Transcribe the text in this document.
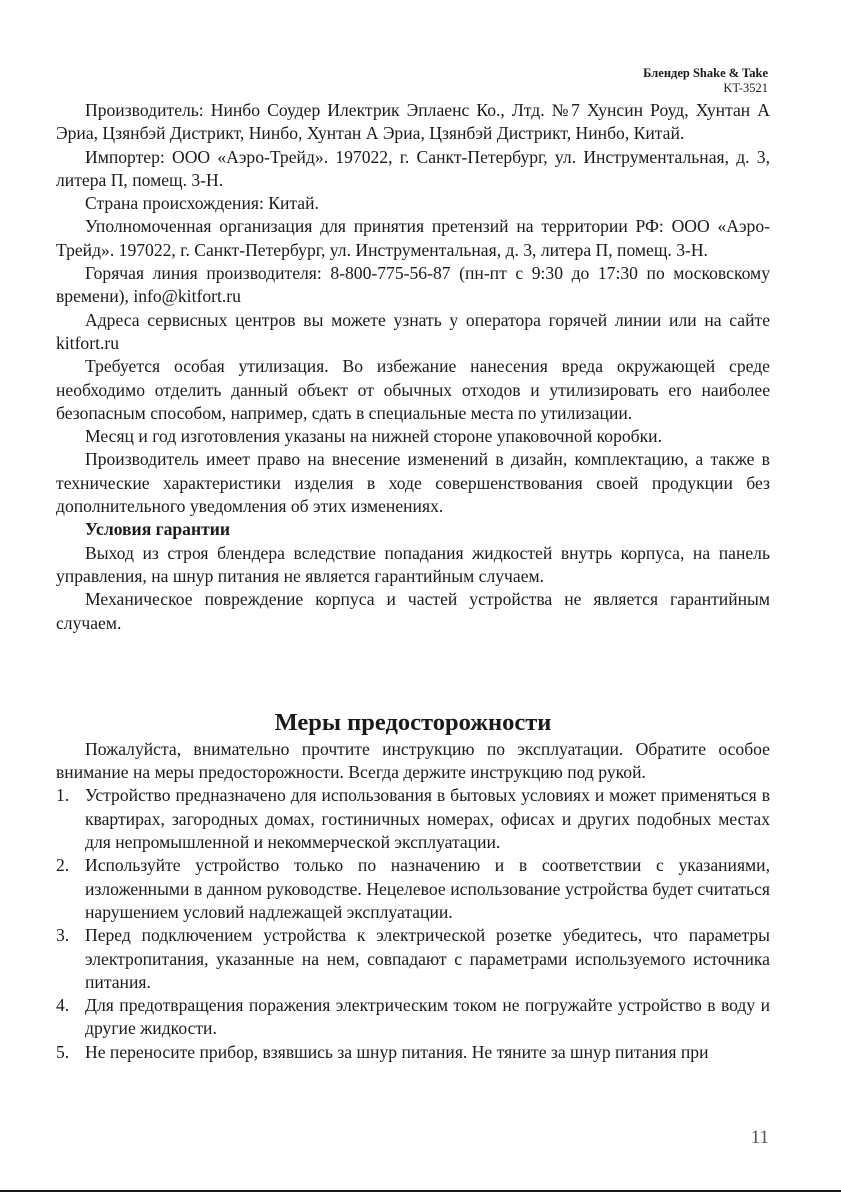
Блендер Shake & Take
KT-3521

Производитель: Нинбо Соудер Илектрик Эплаенс Ко., Лтд. №7 Хунсин Роуд, Хунтан А Эриа, Цзянбэй Дистрикт, Нинбо, Хунтан А Эриа, Цзянбэй Дистрикт, Нинбо, Китай.

Импортер: ООО «Аэро-Трейд». 197022, г. Санкт-Петербург, ул. Инструментальная, д. 3, литера П, помещ. 3-Н.

Страна происхождения: Китай.

Уполномоченная организация для принятия претензий на территории РФ: ООО «Аэро-Трейд». 197022, г. Санкт-Петербург, ул. Инструментальная, д. 3, литера П, помещ. 3-Н.

Горячая линия производителя: 8-800-775-56-87 (пн-пт с 9:30 до 17:30 по московскому времени), info@kitfort.ru

Адреса сервисных центров вы можете узнать у оператора горячей линии или на сайте kitfort.ru

Требуется особая утилизация. Во избежание нанесения вреда окружающей среде необходимо отделить данный объект от обычных отходов и утилизировать его наиболее безопасным способом, например, сдать в специальные места по утилизации.

Месяц и год изготовления указаны на нижней стороне упаковочной коробки.

Производитель имеет право на внесение изменений в дизайн, комплектацию, а также в технические характеристики изделия в ходе совершенствования своей продукции без дополнительного уведомления об этих изменениях.

Условия гарантии

Выход из строя блендера вследствие попадания жидкостей внутрь корпуса, на панель управления, на шнур питания не является гарантийным случаем.

Механическое повреждение корпуса и частей устройства не является гарантийным случаем.

Меры предосторожности

Пожалуйста, внимательно прочтите инструкцию по эксплуатации. Обратите особое внимание на меры предосторожности. Всегда держите инструкцию под рукой.

1. Устройство предназначено для использования в бытовых условиях и может применяться в квартирах, загородных домах, гостиничных номерах, офисах и других подобных местах для непромышленной и некоммерческой эксплуатации.
2. Используйте устройство только по назначению и в соответствии с указаниями, изложенными в данном руководстве. Нецелевое использование устройства будет считаться нарушением условий надлежащей эксплуатации.
3. Перед подключением устройства к электрической розетке убедитесь, что параметры электропитания, указанные на нем, совпадают с параметрами используемого источника питания.
4. Для предотвращения поражения электрическим током не погружайте устройство в воду и другие жидкости.
5. Не переносите прибор, взявшись за шнур питания. Не тяните за шнур питания при
11
